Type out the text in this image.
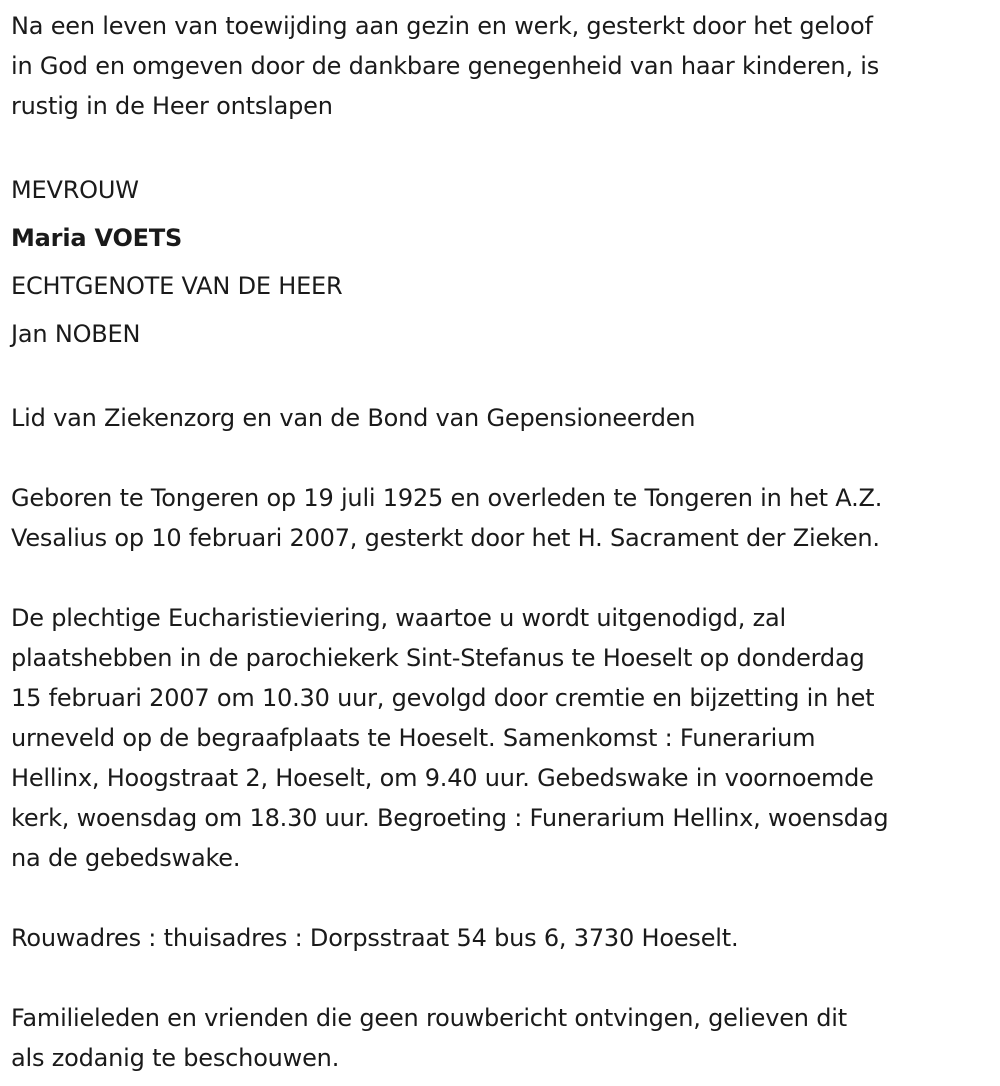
Na een leven van toewijding aan gezin en werk, gesterkt door het geloof
in God en omgeven door de dankbare genegenheid van haar kinderen, is
rustig in de Heer ontslapen

MEVROUW

Maria VOETS

ECHTGENOTE VAN DE HEER

Jan NOBEN

Lid van Ziekenzorg en van de Bond van Gepensioneerden

Geboren te Tongeren op 19 juli 1925 en overleden te Tongeren in het A.Z.
Vesalius op 10 februari 2007, gesterkt door het H. Sacrament der Zieken.

De plechtige Eucharistieviering, waartoe u wordt uitgenodigd, zal
plaatshebben in de parochiekerk Sint-Stefanus te Hoeselt op donderdag
15 februari 2007 om 10.30 uur, gevolgd door cremtie en bijzetting in het
urneveld op de begraafplaats te Hoeselt. Samenkomst : Funerarium
Hellinx, Hoogstraat 2, Hoeselt, om 9.40 uur. Gebedswake in voornoemde
kerk, woensdag om 18.30 uur. Begroeting : Funerarium Hellinx, woensdag
na de gebedswake.

Rouwadres : thuisadres : Dorpsstraat 54 bus 6, 3730 Hoeselt.

Familieleden en vrienden die geen rouwbericht ontvingen, gelieven dit
als zodanig te beschouwen.
